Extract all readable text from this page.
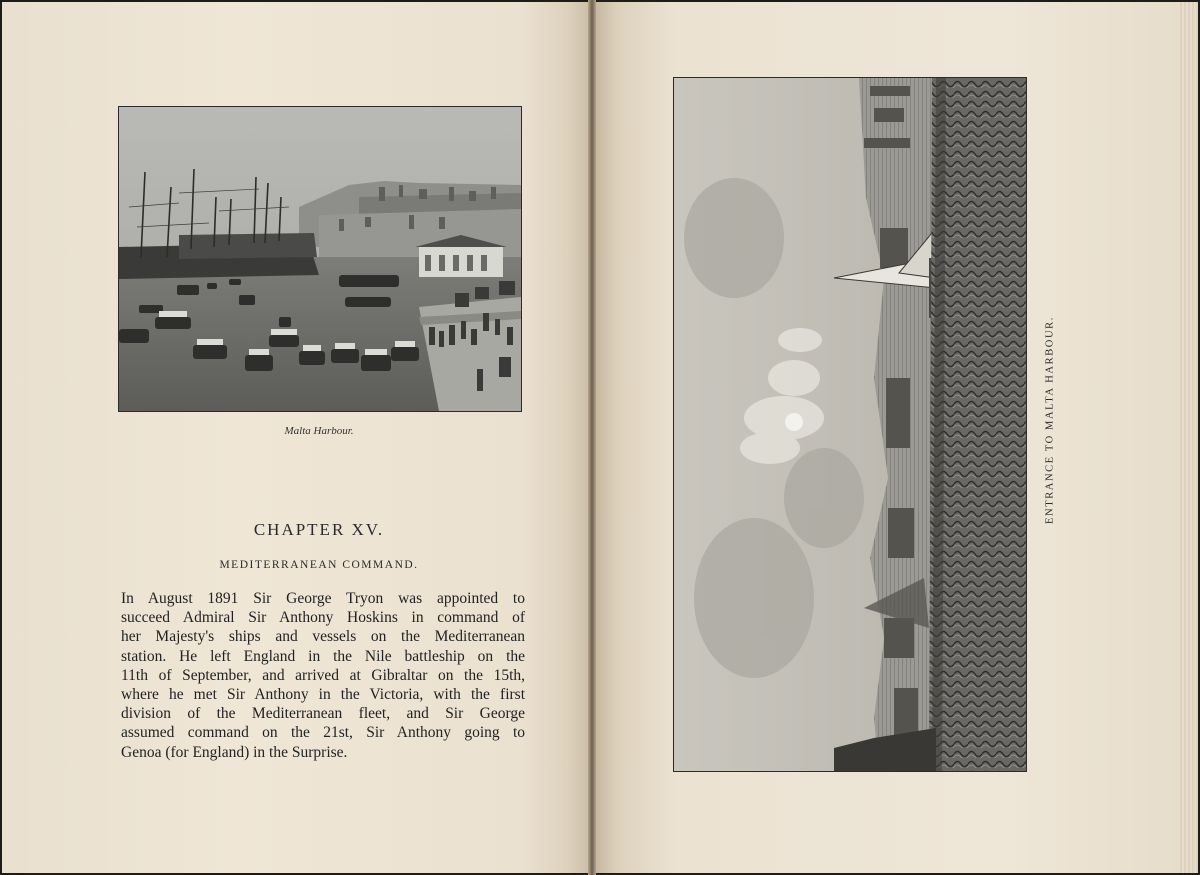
Malta Harbour.
CHAPTER XV.
MEDITERRANEAN COMMAND.
In August 1891 Sir George Tryon was appointed to
succeed Admiral Sir Anthony Hoskins in command of
her Majesty's ships and vessels on the Mediterranean
station. He left England in the Nile battleship on the
11th of September, and arrived at Gibraltar on the 15th,
where he met Sir Anthony in the Victoria, with the first
division of the Mediterranean fleet, and Sir George
assumed command on the 21st, Sir Anthony going to
Genoa (for England) in the Surprise.
ENTRANCE TO MALTA HARBOUR.
